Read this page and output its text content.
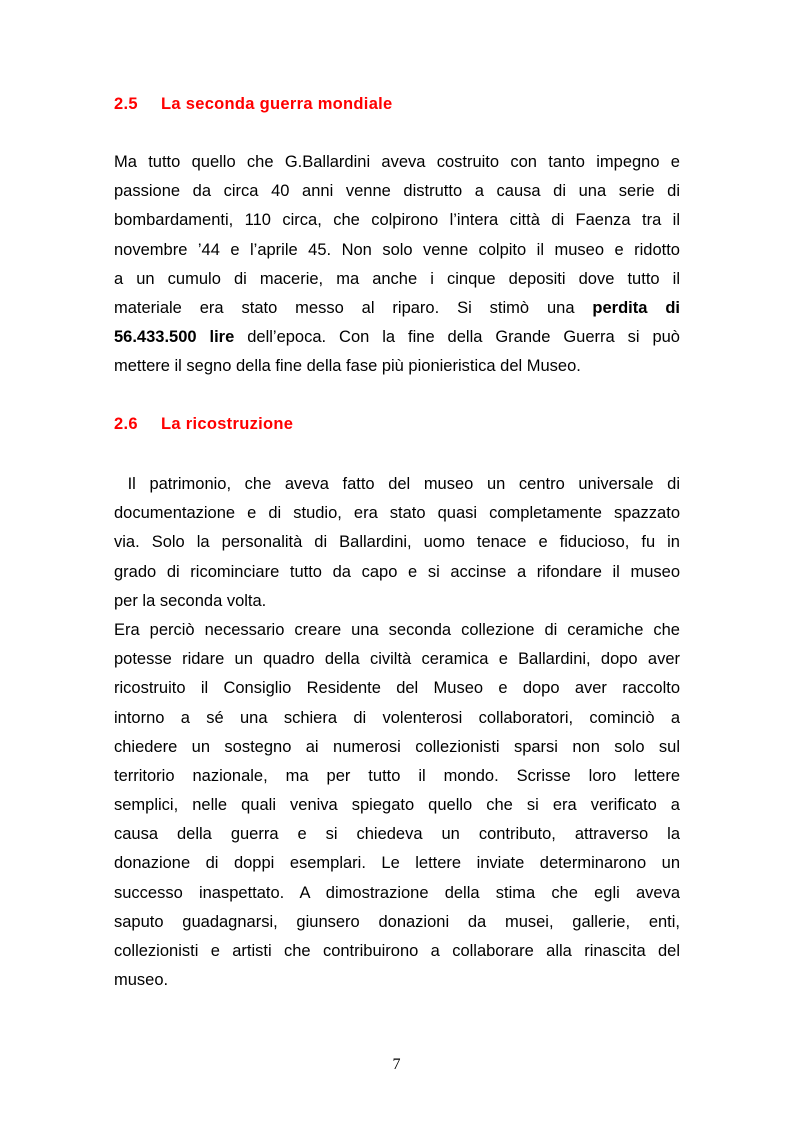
2.5 La seconda guerra mondiale
Ma tutto quello che G.Ballardini aveva costruito con tanto impegno e
passione da circa 40 anni venne distrutto a causa di una serie di
bombardamenti, 110 circa, che colpirono l’intera città di Faenza tra il
novembre ’44 e l’aprile 45. Non solo venne colpito il museo e ridotto
a un cumulo di macerie, ma anche i cinque depositi dove tutto il
materiale era stato messo al riparo. Si stimò una perdita di
56.433.500 lire dell’epoca. Con la fine della Grande Guerra si può
mettere il segno della fine della fase più pionieristica del Museo.
2.6 La ricostruzione
Il patrimonio, che aveva fatto del museo un centro universale di
documentazione e di studio, era stato quasi completamente spazzato
via. Solo la personalità di Ballardini, uomo tenace e fiducioso, fu in
grado di ricominciare tutto da capo e si accinse a rifondare il museo
per la seconda volta.
Era perciò necessario creare una seconda collezione di ceramiche che
potesse ridare un quadro della civiltà ceramica e Ballardini, dopo aver
ricostruito il Consiglio Residente del Museo e dopo aver raccolto
intorno a sé una schiera di volenterosi collaboratori, cominciò a
chiedere un sostegno ai numerosi collezionisti sparsi non solo sul
territorio nazionale, ma per tutto il mondo. Scrisse loro lettere
semplici, nelle quali veniva spiegato quello che si era verificato a
causa della guerra e si chiedeva un contributo, attraverso la
donazione di doppi esemplari. Le lettere inviate determinarono un
successo inaspettato. A dimostrazione della stima che egli aveva
saputo guadagnarsi, giunsero donazioni da musei, gallerie, enti,
collezionisti e artisti che contribuirono a collaborare alla rinascita del
museo.
7
